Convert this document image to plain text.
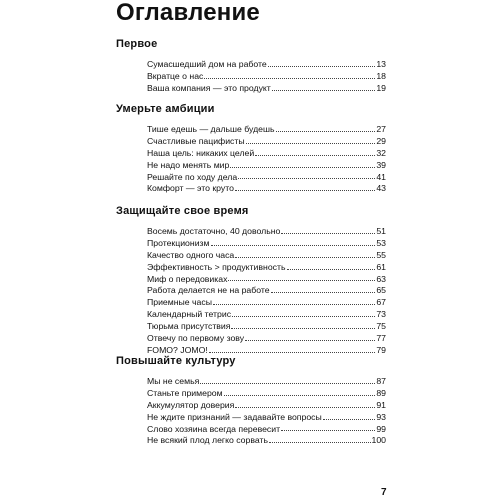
Оглавление
Первое
Сумасшедший дом на работе	13
Вкратце о нас	18
Ваша компания — это продукт	19
Умерьте амбиции
Тише едешь — дальше будешь	27
Счастливые пацифисты	29
Наша цель: никаких целей	32
Не надо менять мир	39
Решайте по ходу дела	41
Комфорт — это круто	43
Защищайте свое время
Восемь достаточно, 40 довольно	51
Протекционизм	53
Качество одного часа	55
Эффективность > продуктивность	61
Миф о передовиках	63
Работа делается не на работе	65
Приемные часы	67
Календарный тетрис	73
Тюрьма присутствия	75
Отвечу по первому зову	77
FOMO? JOMO!	79
Повышайте культуру
Мы не семья	87
Станьте примером	89
Аккумулятор доверия	91
Не ждите признаний — задавайте вопросы	93
Слово хозяина всегда перевесит	99
Не всякий плод легко сорвать	100
7
